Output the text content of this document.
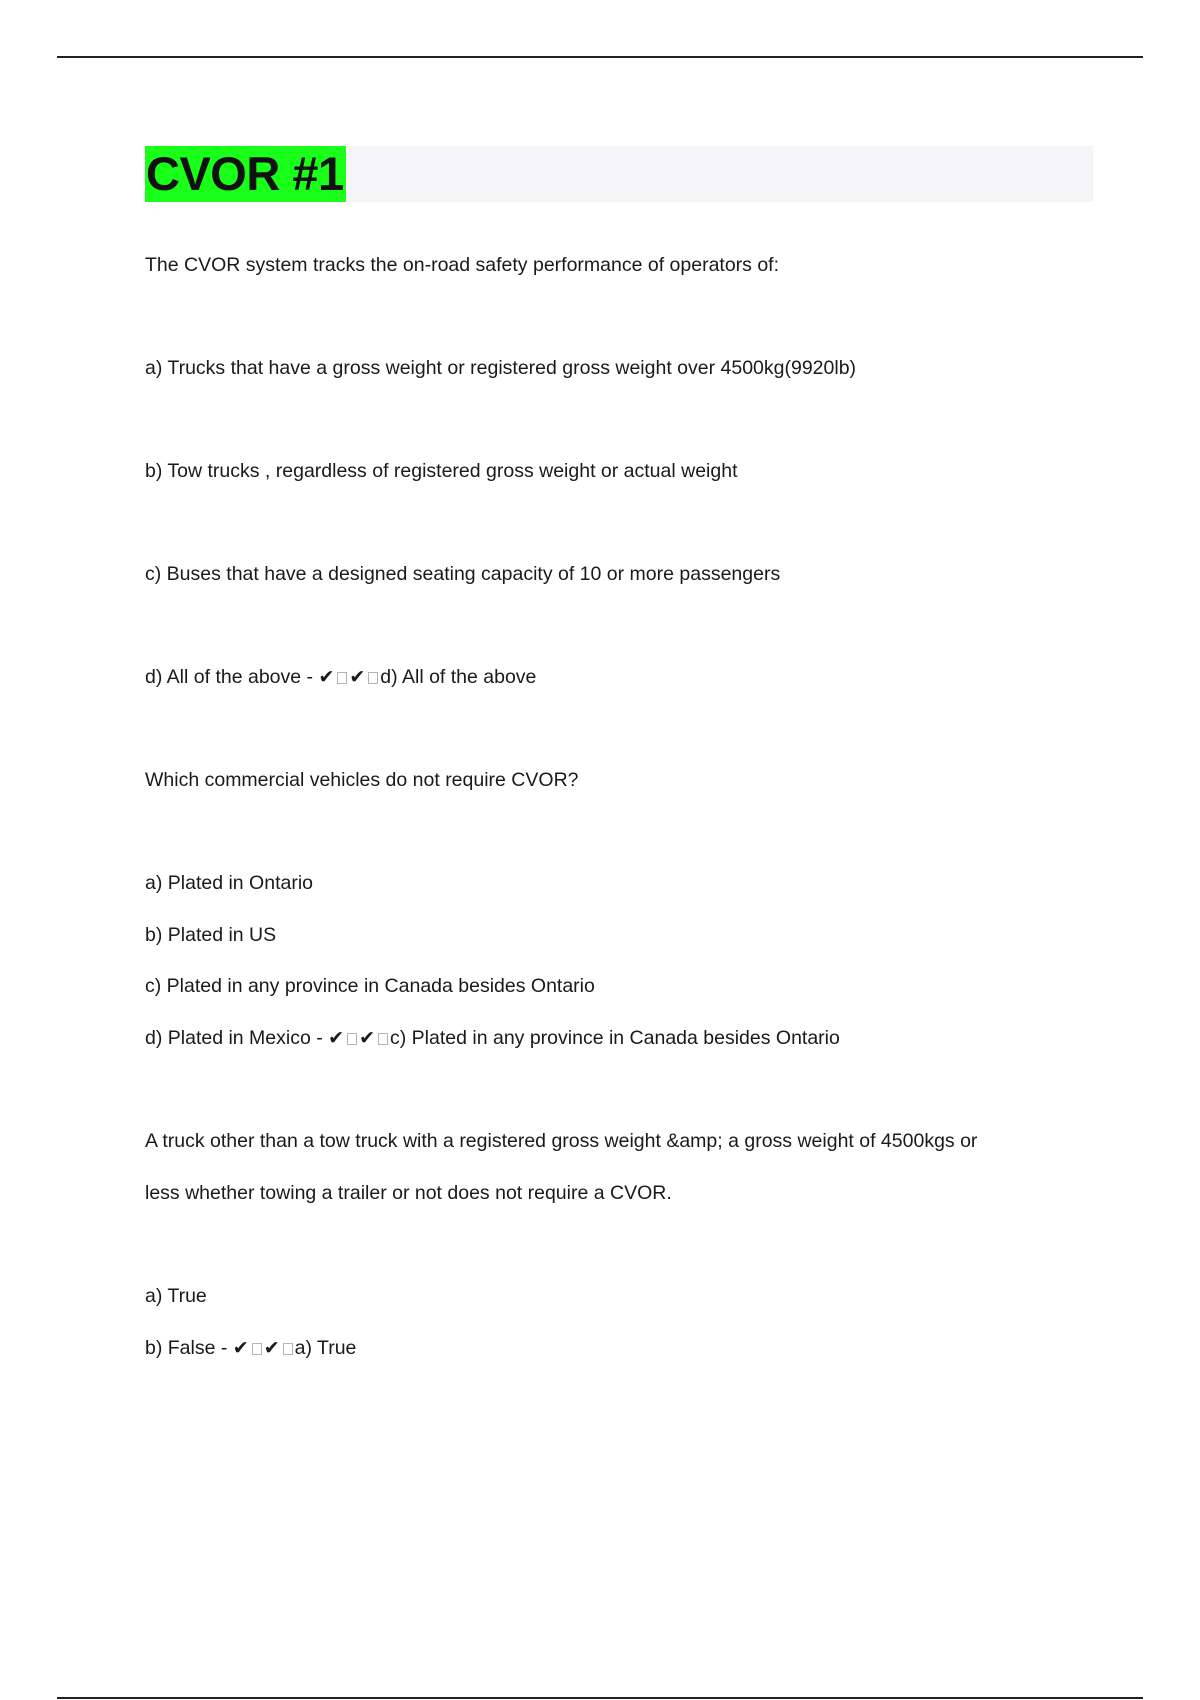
CVOR #1
The CVOR system tracks the on-road safety performance of operators of:
a) Trucks that have a gross weight or registered gross weight over 4500kg(9920lb)
b) Tow trucks , regardless of registered gross weight or actual weight
c) Buses that have a designed seating capacity of 10 or more passengers
d) All of the above - ✔ ✔ d) All of the above
Which commercial vehicles do not require CVOR?
a) Plated in Ontario
b) Plated in US
c) Plated in any province in Canada besides Ontario
d) Plated in Mexico - ✔ ✔ c) Plated in any province in Canada besides Ontario
A truck other than a tow truck with a registered gross weight &amp; a gross weight of 4500kgs or
less whether towing a trailer or not does not require a CVOR.
a) True
b) False - ✔ ✔ a) True
